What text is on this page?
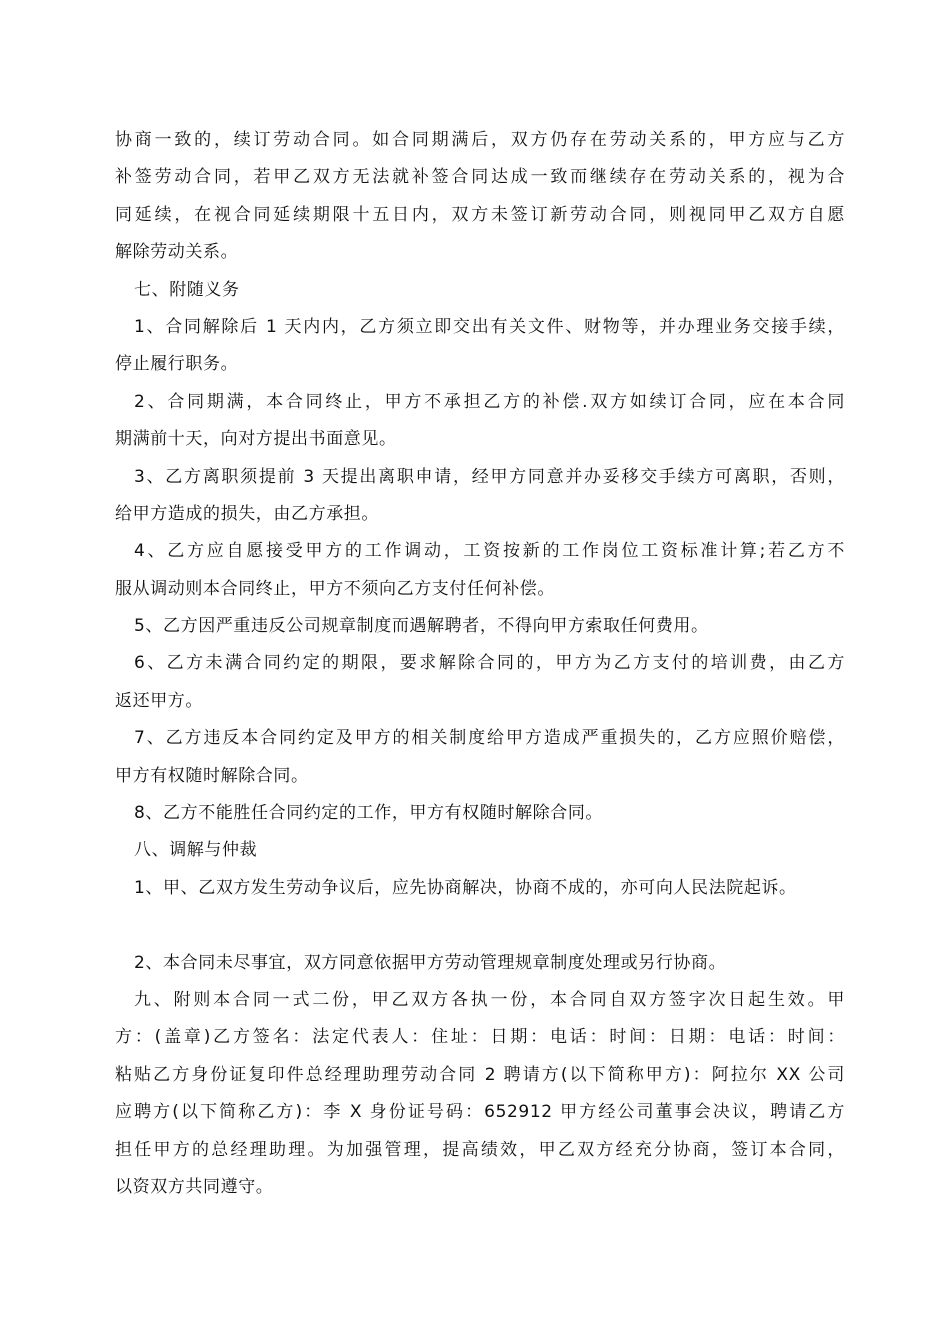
协商一致的，续订劳动合同。如合同期满后，双方仍存在劳动关系的，甲方应与乙方
补签劳动合同，若甲乙双方无法就补签合同达成一致而继续存在劳动关系的，视为合
同延续，在视合同延续期限十五日内，双方未签订新劳动合同，则视同甲乙双方自愿
解除劳动关系。
七、附随义务
1、合同解除后 1 天内内，乙方须立即交出有关文件、财物等，并办理业务交接手续，
停止履行职务。
2、合同期满，本合同终止，甲方不承担乙方的补偿.双方如续订合同，应在本合同
期满前十天，向对方提出书面意见。
3、乙方离职须提前 3 天提出离职申请，经甲方同意并办妥移交手续方可离职，否则，
给甲方造成的损失，由乙方承担。
4、乙方应自愿接受甲方的工作调动，工资按新的工作岗位工资标准计算;若乙方不
服从调动则本合同终止，甲方不须向乙方支付任何补偿。
5、乙方因严重违反公司规章制度而遇解聘者，不得向甲方索取任何费用。
6、乙方未满合同约定的期限，要求解除合同的，甲方为乙方支付的培训费，由乙方
返还甲方。
7、乙方违反本合同约定及甲方的相关制度给甲方造成严重损失的，乙方应照价赔偿，
甲方有权随时解除合同。
8、乙方不能胜任合同约定的工作，甲方有权随时解除合同。
八、调解与仲裁
1、甲、乙双方发生劳动争议后，应先协商解决，协商不成的，亦可向人民法院起诉。
2、本合同未尽事宜，双方同意依据甲方劳动管理规章制度处理或另行协商。
九、附则本合同一式二份，甲乙双方各执一份，本合同自双方签字次日起生效。甲
方：(盖章)乙方签名：法定代表人：住址：日期：电话：时间：日期：电话：时间：
粘贴乙方身份证复印件总经理助理劳动合同 2 聘请方(以下简称甲方)：阿拉尔 XX 公司
应聘方(以下简称乙方)：李 X 身份证号码：652912 甲方经公司董事会决议，聘请乙方
担任甲方的总经理助理。为加强管理，提高绩效，甲乙双方经充分协商，签订本合同，
以资双方共同遵守。
